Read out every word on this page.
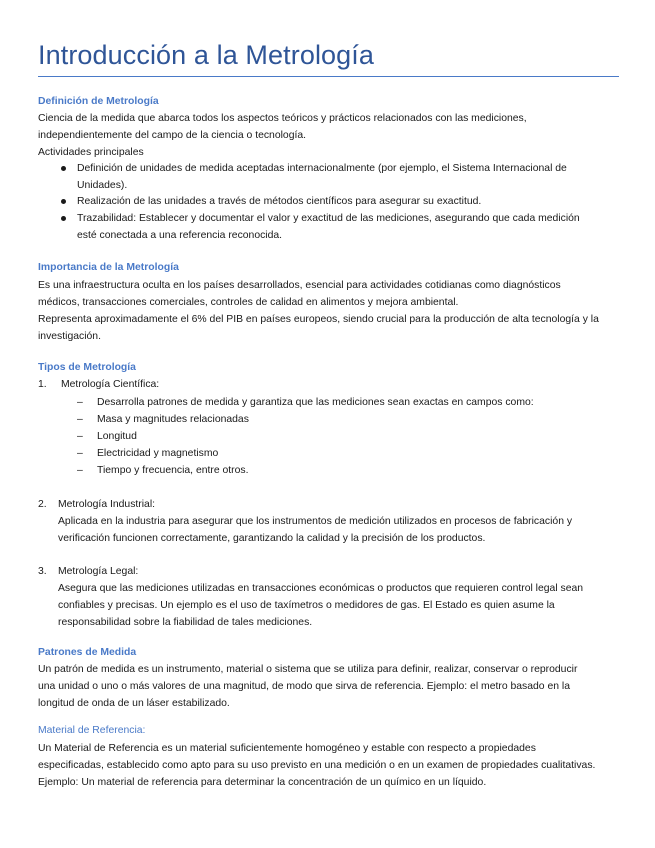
Introducción a la Metrología
Definición de Metrología
Ciencia de la medida que abarca todos los aspectos teóricos y prácticos relacionados con las mediciones,
independientemente del campo de la ciencia o tecnología.
Actividades principales
Definición de unidades de medida aceptadas internacionalmente (por ejemplo, el Sistema Internacional de
Unidades).
Realización de las unidades a través de métodos científicos para asegurar su exactitud.
Trazabilidad: Establecer y documentar el valor y exactitud de las mediciones, asegurando que cada medición
esté conectada a una referencia reconocida.
Importancia de la Metrología
Es una infraestructura oculta en los países desarrollados, esencial para actividades cotidianas como diagnósticos
médicos, transacciones comerciales, controles de calidad en alimentos y mejora ambiental.
Representa aproximadamente el 6% del PIB en países europeos, siendo crucial para la producción de alta tecnología y la
investigación.
Tipos de Metrología
1. Metrología Científica:
– Desarrolla patrones de medida y garantiza que las mediciones sean exactas en campos como:
– Masa y magnitudes relacionadas
– Longitud
– Electricidad y magnetismo
– Tiempo y frecuencia, entre otros.
2. Metrología Industrial:
Aplicada en la industria para asegurar que los instrumentos de medición utilizados en procesos de fabricación y
verificación funcionen correctamente, garantizando la calidad y la precisión de los productos.
3. Metrología Legal:
Asegura que las mediciones utilizadas en transacciones económicas o productos que requieren control legal sean
confiables y precisas. Un ejemplo es el uso de taxímetros o medidores de gas. El Estado es quien asume la
responsabilidad sobre la fiabilidad de tales mediciones.
Patrones de Medida
Un patrón de medida es un instrumento, material o sistema que se utiliza para definir, realizar, conservar o reproducir
una unidad o uno o más valores de una magnitud, de modo que sirva de referencia. Ejemplo: el metro basado en la
longitud de onda de un láser estabilizado.
Material de Referencia:
Un Material de Referencia es un material suficientemente homogéneo y estable con respecto a propiedades
especificadas, establecido como apto para su uso previsto en una medición o en un examen de propiedades cualitativas.
Ejemplo: Un material de referencia para determinar la concentración de un químico en un líquido.
